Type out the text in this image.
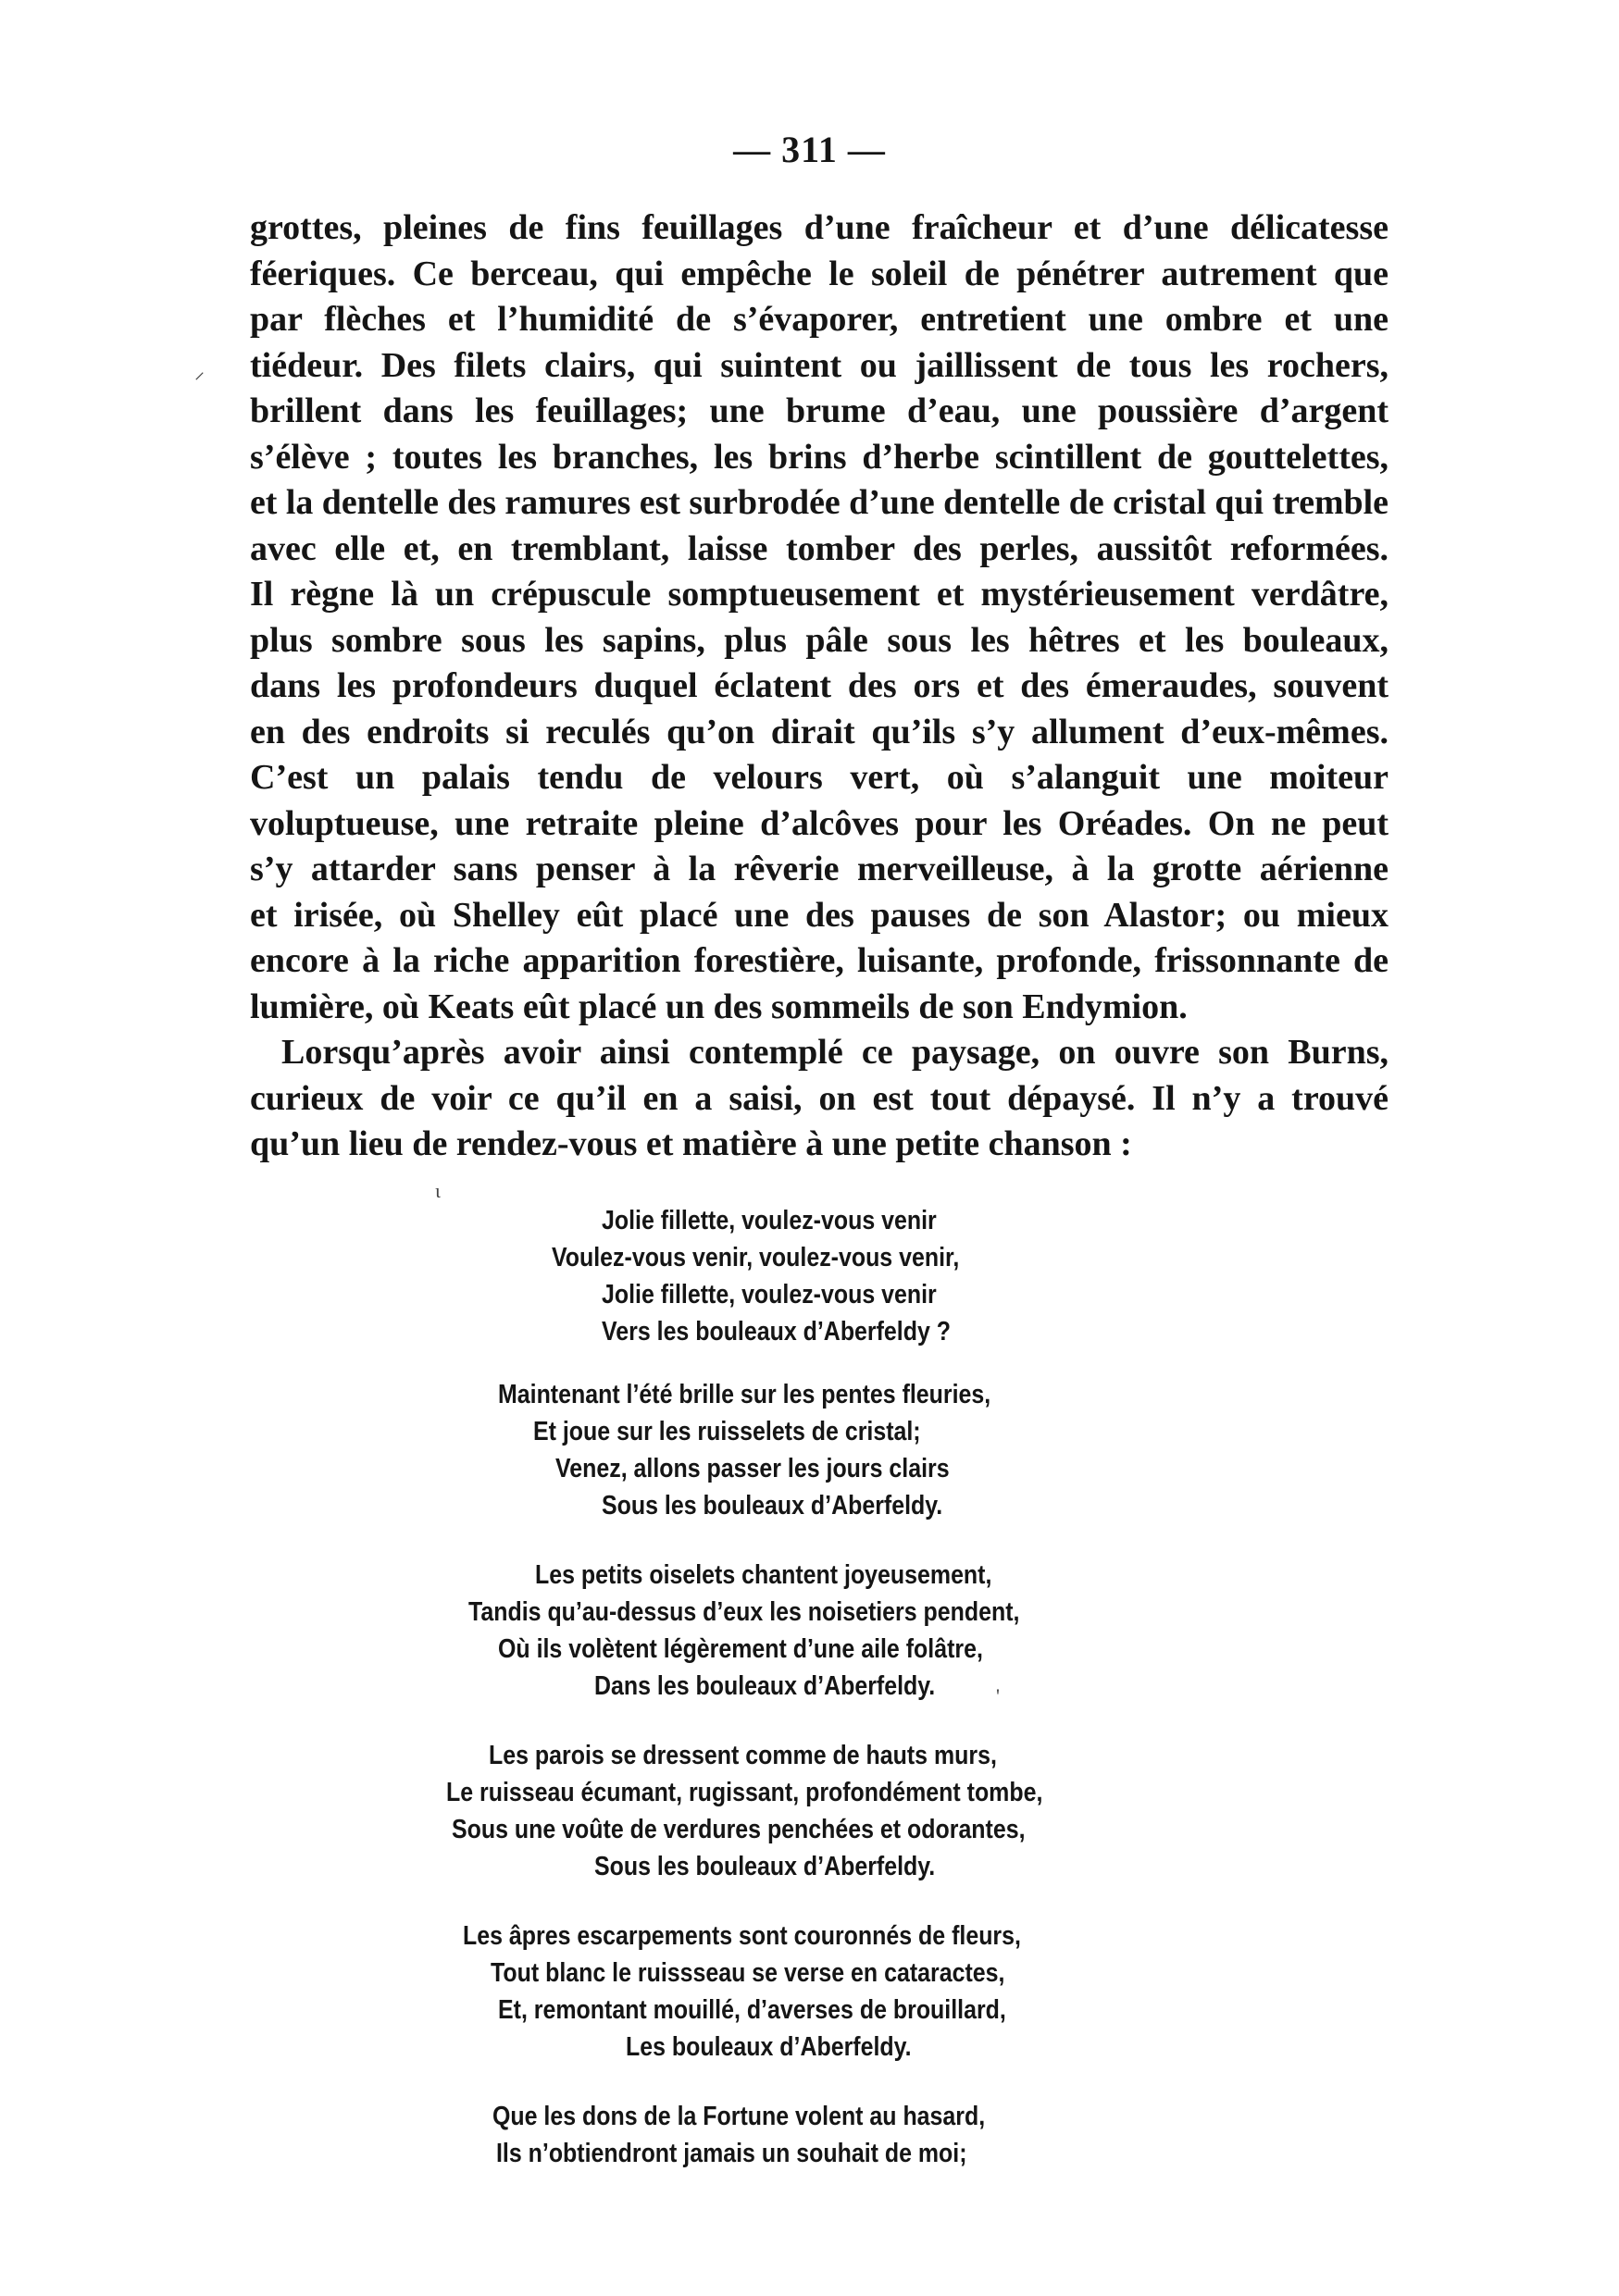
— 311 —
grottes, pleines de fins feuillages d’une fraîcheur et d’une délicatesse
féeriques. Ce berceau, qui empêche le soleil de pénétrer autrement que
par flèches et l’humidité de s’évaporer, entretient une ombre et une
tiédeur. Des filets clairs, qui suintent ou jaillissent de tous les rochers,
brillent dans les feuillages; une brume d’eau, une poussière d’argent
s’élève ; toutes les branches, les brins d’herbe scintillent de gouttelettes,
et la dentelle des ramures est surbrodée d’une dentelle de cristal qui tremble
avec elle et, en tremblant, laisse tomber des perles, aussitôt reformées.
Il règne là un crépuscule somptueusement et mystérieusement verdâtre,
plus sombre sous les sapins, plus pâle sous les hêtres et les bouleaux,
dans les profondeurs duquel éclatent des ors et des émeraudes, souvent
en des endroits si reculés qu’on dirait qu’ils s’y allument d’eux-mêmes.
C’est un palais tendu de velours vert, où s’alanguit une moiteur
voluptueuse, une retraite pleine d’alcôves pour les Oréades. On ne peut
s’y attarder sans penser à la rêverie merveilleuse, à la grotte aérienne
et irisée, où Shelley eût placé une des pauses de son Alastor; ou mieux
encore à la riche apparition forestière, luisante, profonde, frissonnante de
lumière, où Keats eût placé un des sommeils de son Endymion.
Lorsqu’après avoir ainsi contemplé ce paysage, on ouvre son Burns,
curieux de voir ce qu’il en a saisi, on est tout dépaysé. Il n’y a trouvé
qu’un lieu de rendez-vous et matière à une petite chanson :
Jolie fillette, voulez-vous venir
Voulez-vous venir, voulez-vous venir,
Jolie fillette, voulez-vous venir
Vers les bouleaux d’Aberfeldy ?
Maintenant l’été brille sur les pentes fleuries,
Et joue sur les ruisselets de cristal;
Venez, allons passer les jours clairs
Sous les bouleaux d’Aberfeldy.
Les petits oiselets chantent joyeusement,
Tandis qu’au-dessus d’eux les noisetiers pendent,
Où ils volètent légèrement d’une aile folâtre,
Dans les bouleaux d’Aberfeldy.
Les parois se dressent comme de hauts murs,
Le ruisseau écumant, rugissant, profondément tombe,
Sous une voûte de verdures penchées et odorantes,
Sous les bouleaux d’Aberfeldy.
Les âpres escarpements sont couronnés de fleurs,
Tout blanc le ruissseau se verse en cataractes,
Et, remontant mouillé, d’averses de brouillard,
Les bouleaux d’Aberfeldy.
Que les dons de la Fortune volent au hasard,
Ils n’obtiendront jamais un souhait de moi;
⸍
ɩ
'
